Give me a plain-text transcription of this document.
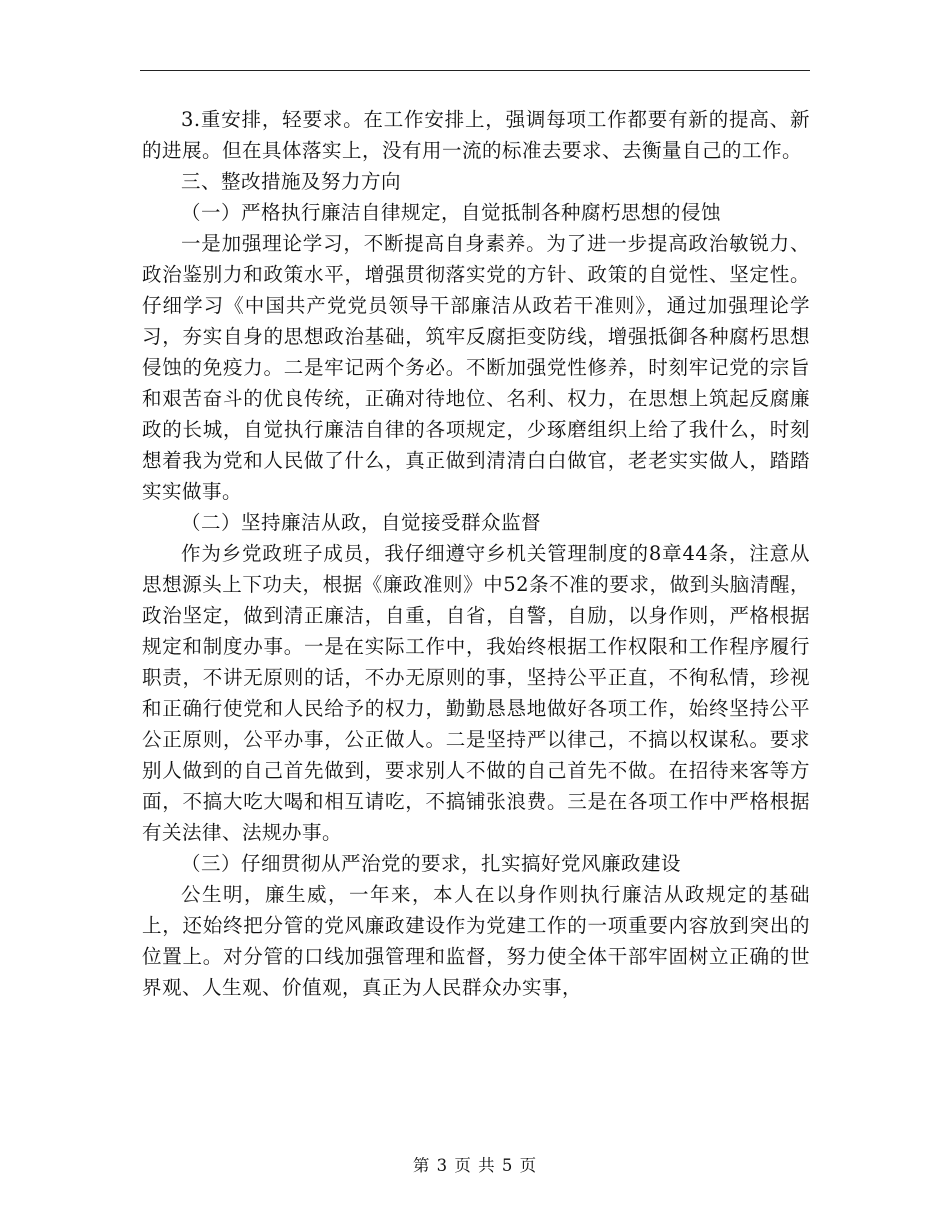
3.重安排，轻要求。在工作安排上，强调每项工作都要有新的提高、新的进展。但在具体落实上，没有用一流的标准去要求、去衡量自己的工作。

三、整改措施及努力方向

（一）严格执行廉洁自律规定，自觉抵制各种腐朽思想的侵蚀

一是加强理论学习，不断提高自身素养。为了进一步提高政治敏锐力、政治鉴别力和政策水平，增强贯彻落实党的方针、政策的自觉性、坚定性。仔细学习《中国共产党党员领导干部廉洁从政若干准则》，通过加强理论学习，夯实自身的思想政治基础，筑牢反腐拒变防线，增强抵御各种腐朽思想侵蚀的免疫力。二是牢记两个务必。不断加强党性修养，时刻牢记党的宗旨和艰苦奋斗的优良传统，正确对待地位、名利、权力，在思想上筑起反腐廉政的长城，自觉执行廉洁自律的各项规定，少琢磨组织上给了我什么，时刻想着我为党和人民做了什么，真正做到清清白白做官，老老实实做人，踏踏实实做事。

（二）坚持廉洁从政，自觉接受群众监督

作为乡党政班子成员，我仔细遵守乡机关管理制度的8章44条，注意从思想源头上下功夫，根据《廉政准则》中52条不准的要求，做到头脑清醒，政治坚定，做到清正廉洁，自重，自省，自警，自励，以身作则，严格根据规定和制度办事。一是在实际工作中，我始终根据工作权限和工作程序履行职责，不讲无原则的话，不办无原则的事，坚持公平正直，不徇私情，珍视和正确行使党和人民给予的权力，勤勤恳恳地做好各项工作，始终坚持公平公正原则，公平办事，公正做人。二是坚持严以律己，不搞以权谋私。要求别人做到的自己首先做到，要求别人不做的自己首先不做。在招待来客等方面，不搞大吃大喝和相互请吃，不搞铺张浪费。三是在各项工作中严格根据有关法律、法规办事。

（三）仔细贯彻从严治党的要求，扎实搞好党风廉政建设

公生明，廉生威，一年来，本人在以身作则执行廉洁从政规定的基础上，还始终把分管的党风廉政建设作为党建工作的一项重要内容放到突出的位置上。对分管的口线加强管理和监督，努力使全体干部牢固树立正确的世界观、人生观、价值观，真正为人民群众办实事，

第 3 页 共 5 页
